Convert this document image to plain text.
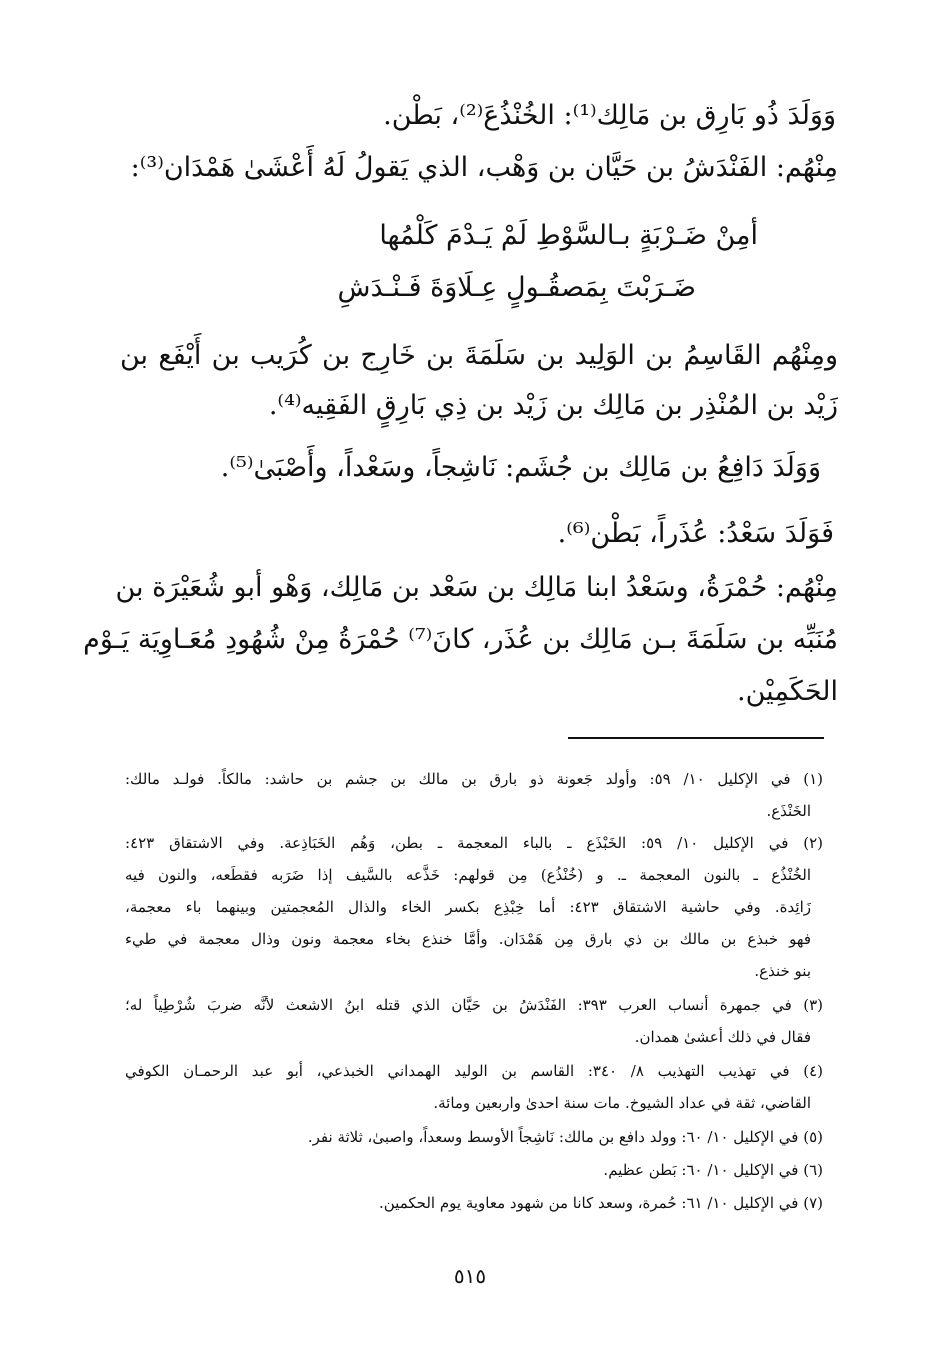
وَوَلَدَ ذُو بَارِق بن مَالِك⁽¹⁾: الخُنْذُعَ⁽²⁾، بَطْن.
مِنْهُم: الفَنْدَشُ بن حَيَّان بن وَهْب، الذي يَقولُ لَهُ أَعْشَىٰ هَمْدَان⁽³⁾:
أمِنْ ضَـرْبَةٍ بـالسَّوْطِ لَمْ يَـدْمَ كَلْمُها
ضَـرَبْتَ بِمَصقُـولٍ عِـلَاوَةَ فَـنْـدَشِ
ومِنْهُم القَاسِمُ بن الوَلِيد بن سَلَمَةَ بن خَارِج بن كُرَيب بن أَيْفَع بن
زَيْد بن المُنْذِر بن مَالِك بن زَيْد بن ذِي بَارِقٍ الفَقِيه⁽⁴⁾.
وَوَلَدَ دَافِعُ بن مَالِك بن جُشَم: نَاشِجاً، وسَعْداً، وأَصْبَىٰ⁽⁵⁾.
فَوَلَدَ سَعْدُ: عُذَراً، بَطْن⁽⁶⁾.
مِنْهُم: حُمْرَةُ، وسَعْدُ ابنا مَالِك بن سَعْد بن مَالِك، وَهْو أبو شُعَيْرَة بن
مُنَبِّه بن سَلَمَةَ بـن مَالِك بن عُذَر، كانَ⁽⁷⁾ حُمْرَةُ مِنْ شُهُودِ مُعَـاوِيَة يَـوْم
الحَكَمِيْن.
(١) في الإكليل ١٠/ ٥٩: وأولد جَعونة ذو بارق بن مالك بن جشم بن حاشد: مالكاً. فولـد مالك:
الخَنْذَع.
(٢) في الإكليل ١٠/ ٥٩: الخَبْذَع ـ بالباء المعجمة ـ بطن، وَهُم الخَبَاذِعة. وفي الاشتقاق ٤٢٣:
الخُنْذُع ـ بالنون المعجمة ـ. و (خُنْذُع) مِن قولهم: خَذَّعه بالسَّيف إذا ضَرَبه فقطَعه، والنون فيه
زَائِدة. وفي حاشية الاشتقاق ٤٢٣: أما خِبْذِع بكسر الخاء والذال المُعجمتين وبينهما باء معجمة،
فهو خبذع بن مالك بن ذي بارق مِن هَمْدَان. وأمَّا خنذع بخاء معجمة ونون وذال معجمة في طيء
بنو خنذع.
(٣) في جمهرة أنساب العرب ٣٩٣: الفَنْدَشُ بن حَيَّان الذي قتله ابنُ الاشعث لأنَّه ضربَ شُرْطِياً له؛
فقال في ذلك أعشىٰ همدان.
(٤) في تهذيب التهذيب ٨/ ٣٤٠: القاسم بن الوليد الهمداني الخبذعي، أبو عبد الرحمـان الكوفي
القاضي، ثقة في عداد الشيوخ. مات سنة احدىٰ واربعين ومائة.
(٥) في الإكليل ١٠/ ٦٠: وولد دافع بن مالك: نَاشِجاً الأوسط وسعداً، واصبىٰ، ثلاثة نفر.
(٦) في الإكليل ١٠/ ٦٠: بَطن عظيم.
(٧) في الإكليل ١٠/ ٦١: حُمرة، وسعد كانا من شهود معاوية يوم الحكمين.
٥١٥
